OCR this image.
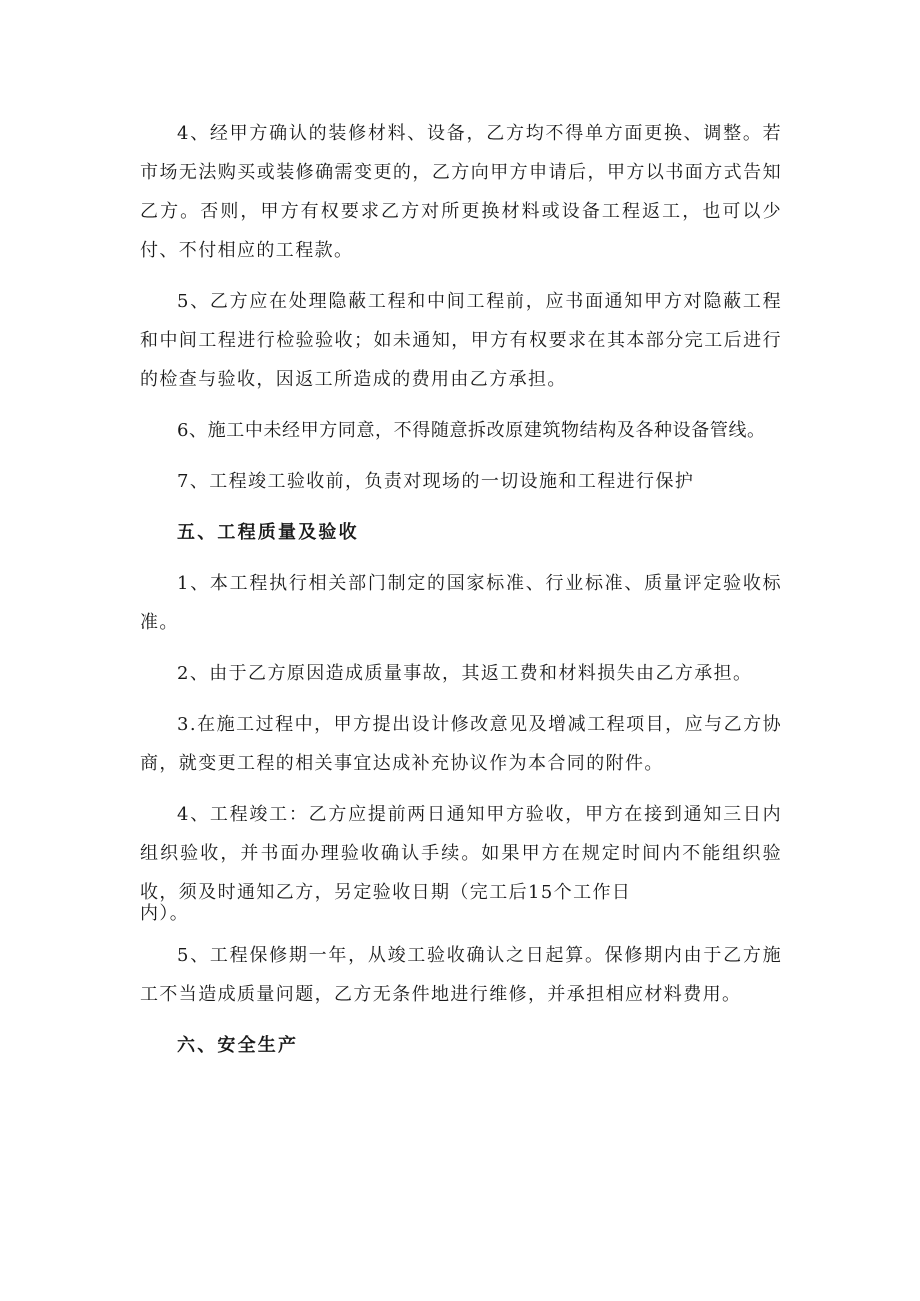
4、经甲方确认的装修材料、设备，乙方均不得单方面更换、调整。若市场无法购买或装修确需变更的，乙方向甲方申请后，甲方以书面方式告知乙方。否则，甲方有权要求乙方对所更换材料或设备工程返工，也可以少付、不付相应的工程款。

5、乙方应在处理隐蔽工程和中间工程前，应书面通知甲方对隐蔽工程和中间工程进行检验验收；如未通知，甲方有权要求在其本部分完工后进行的检查与验收，因返工所造成的费用由乙方承担。

6、施工中未经甲方同意，不得随意拆改原建筑物结构及各种设备管线。

7、工程竣工验收前，负责对现场的一切设施和工程进行保护

五、工程质量及验收

1、本工程执行相关部门制定的国家标准、行业标准、质量评定验收标准。

2、由于乙方原因造成质量事故，其返工费和材料损失由乙方承担。

3.在施工过程中，甲方提出设计修改意见及增减工程项目，应与乙方协商，就变更工程的相关事宜达成补充协议作为本合同的附件。

4、工程竣工：乙方应提前两日通知甲方验收，甲方在接到通知三日内组织验收，并书面办理验收确认手续。如果甲方在规定时间内不能组织验收，须及时通知乙方，另定验收日期（完工后15个工作日

内）。

5、工程保修期一年，从竣工验收确认之日起算。保修期内由于乙方施工不当造成质量问题，乙方无条件地进行维修，并承担相应材料费用。

六、安全生产
